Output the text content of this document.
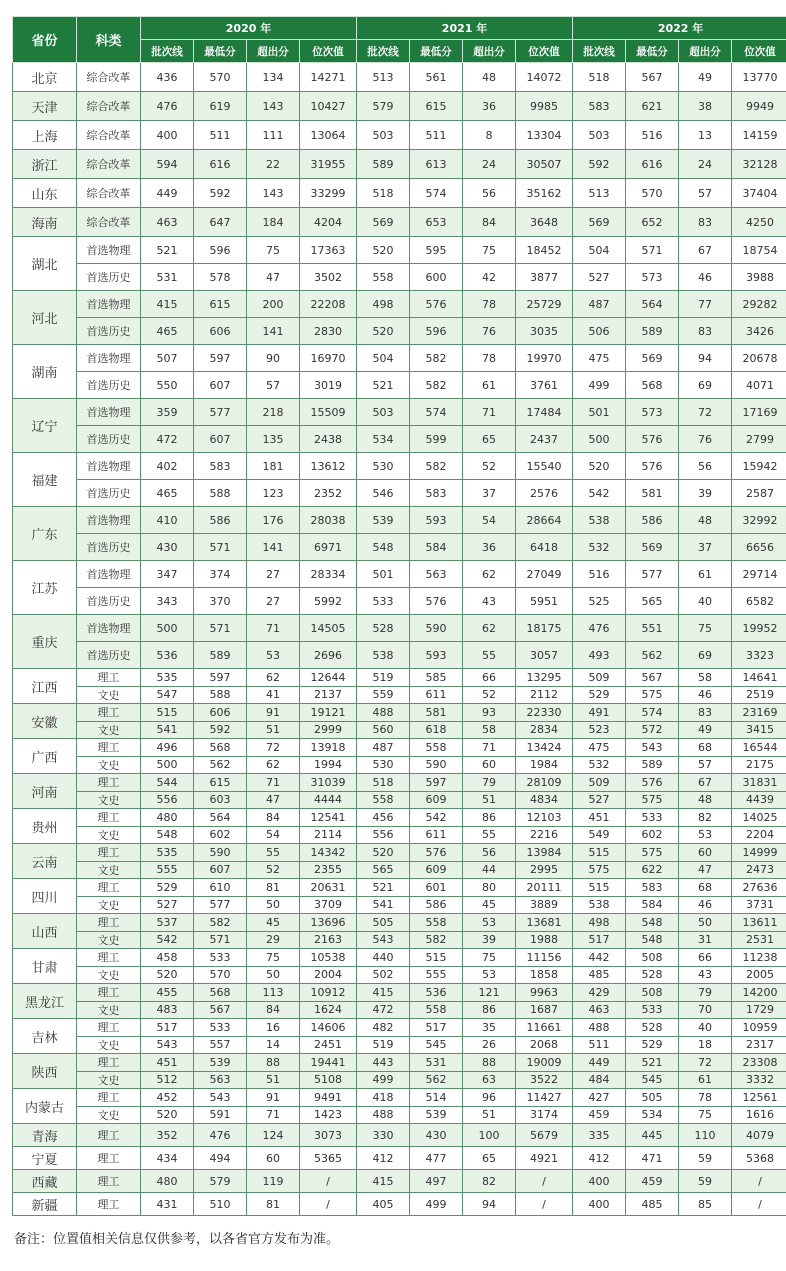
省份	科类	2020 年				2021 年				2022 年			
		批次线	最低分	超出分	位次值	批次线	最低分	超出分	位次值	批次线	最低分	超出分	位次值
北京	综合改革	436	570	134	14271	513	561	48	14072	518	567	49	13770
天津	综合改革	476	619	143	10427	579	615	36	9985	583	621	38	9949
上海	综合改革	400	511	111	13064	503	511	8	13304	503	516	13	14159
浙江	综合改革	594	616	22	31955	589	613	24	30507	592	616	24	32128
山东	综合改革	449	592	143	33299	518	574	56	35162	513	570	57	37404
海南	综合改革	463	647	184	4204	569	653	84	3648	569	652	83	4250
湖北	首选物理	521	596	75	17363	520	595	75	18452	504	571	67	18754
	首选历史	531	578	47	3502	558	600	42	3877	527	573	46	3988
河北	首选物理	415	615	200	22208	498	576	78	25729	487	564	77	29282
	首选历史	465	606	141	2830	520	596	76	3035	506	589	83	3426
湖南	首选物理	507	597	90	16970	504	582	78	19970	475	569	94	20678
	首选历史	550	607	57	3019	521	582	61	3761	499	568	69	4071
辽宁	首选物理	359	577	218	15509	503	574	71	17484	501	573	72	17169
	首选历史	472	607	135	2438	534	599	65	2437	500	576	76	2799
福建	首选物理	402	583	181	13612	530	582	52	15540	520	576	56	15942
	首选历史	465	588	123	2352	546	583	37	2576	542	581	39	2587
广东	首选物理	410	586	176	28038	539	593	54	28664	538	586	48	32992
	首选历史	430	571	141	6971	548	584	36	6418	532	569	37	6656
江苏	首选物理	347	374	27	28334	501	563	62	27049	516	577	61	29714
	首选历史	343	370	27	5992	533	576	43	5951	525	565	40	6582
重庆	首选物理	500	571	71	14505	528	590	62	18175	476	551	75	19952
	首选历史	536	589	53	2696	538	593	55	3057	493	562	69	3323
江西	理工	535	597	62	12644	519	585	66	13295	509	567	58	14641
	文史	547	588	41	2137	559	611	52	2112	529	575	46	2519
安徽	理工	515	606	91	19121	488	581	93	22330	491	574	83	23169
	文史	541	592	51	2999	560	618	58	2834	523	572	49	3415
广西	理工	496	568	72	13918	487	558	71	13424	475	543	68	16544
	文史	500	562	62	1994	530	590	60	1984	532	589	57	2175
河南	理工	544	615	71	31039	518	597	79	28109	509	576	67	31831
	文史	556	603	47	4444	558	609	51	4834	527	575	48	4439
贵州	理工	480	564	84	12541	456	542	86	12103	451	533	82	14025
	文史	548	602	54	2114	556	611	55	2216	549	602	53	2204
云南	理工	535	590	55	14342	520	576	56	13984	515	575	60	14999
	文史	555	607	52	2355	565	609	44	2995	575	622	47	2473
四川	理工	529	610	81	20631	521	601	80	20111	515	583	68	27636
	文史	527	577	50	3709	541	586	45	3889	538	584	46	3731
山西	理工	537	582	45	13696	505	558	53	13681	498	548	50	13611
	文史	542	571	29	2163	543	582	39	1988	517	548	31	2531
甘肃	理工	458	533	75	10538	440	515	75	11156	442	508	66	11238
	文史	520	570	50	2004	502	555	53	1858	485	528	43	2005
黑龙江	理工	455	568	113	10912	415	536	121	9963	429	508	79	14200
	文史	483	567	84	1624	472	558	86	1687	463	533	70	1729
吉林	理工	517	533	16	14606	482	517	35	11661	488	528	40	10959
	文史	543	557	14	2451	519	545	26	2068	511	529	18	2317
陕西	理工	451	539	88	19441	443	531	88	19009	449	521	72	23308
	文史	512	563	51	5108	499	562	63	3522	484	545	61	3332
内蒙古	理工	452	543	91	9491	418	514	96	11427	427	505	78	12561
	文史	520	591	71	1423	488	539	51	3174	459	534	75	1616
青海	理工	352	476	124	3073	330	430	100	5679	335	445	110	4079
宁夏	理工	434	494	60	5365	412	477	65	4921	412	471	59	5368
西藏	理工	480	579	119	/	415	497	82	/	400	459	59	/
新疆	理工	431	510	81	/	405	499	94	/	400	485	85	/
备注：位置值相关信息仅供参考，以各省官方发布为准。
